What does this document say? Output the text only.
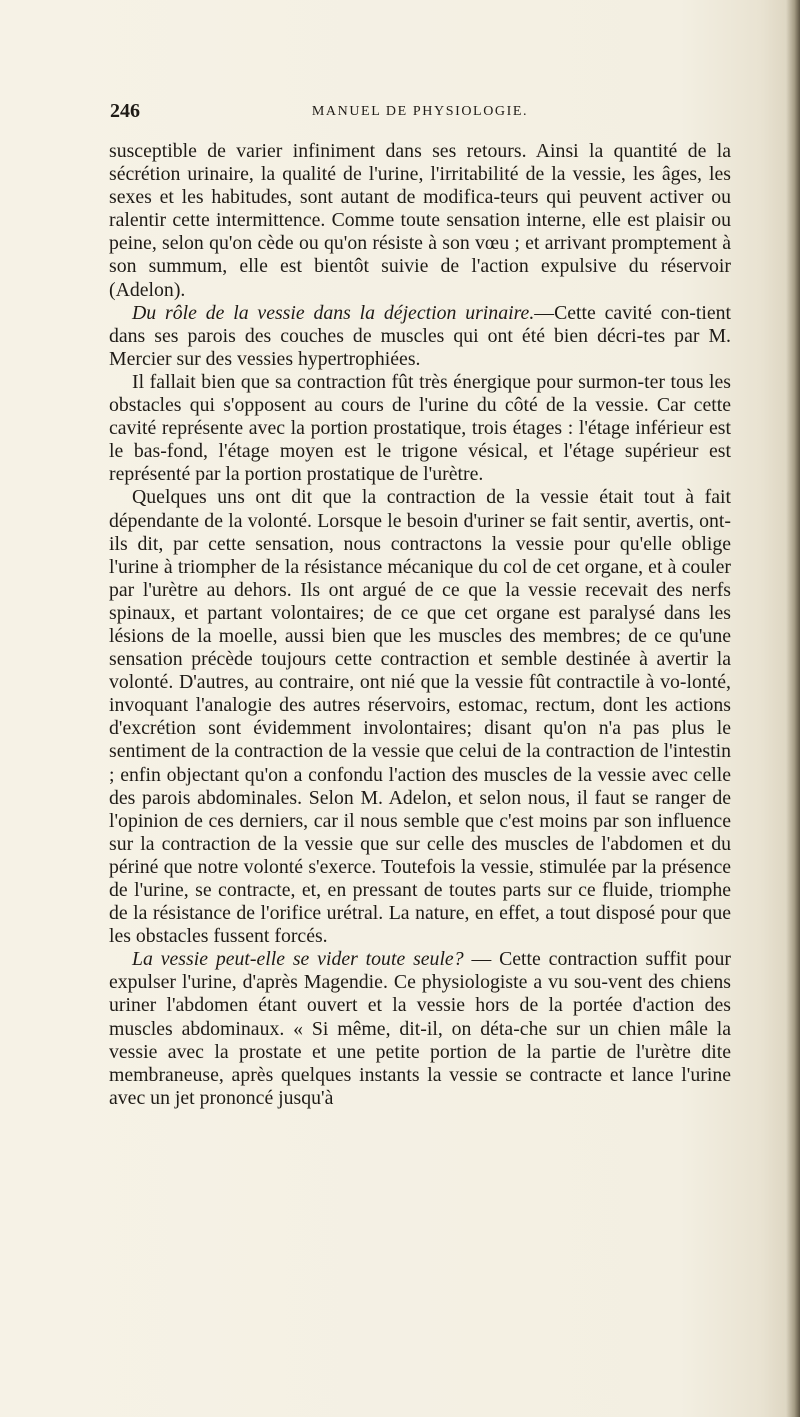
246	MANUEL DE PHYSIOLOGIE.

susceptible de varier infiniment dans ses retours. Ainsi la quantité de la sécrétion urinaire, la qualité de l'urine, l'irritabilité de la vessie, les âges, les sexes et les habitudes, sont autant de modifica-teurs qui peuvent activer ou ralentir cette intermittence. Comme toute sensation interne, elle est plaisir ou peine, selon qu'on cède ou qu'on résiste à son vœu ; et arrivant promptement à son summum, elle est bientôt suivie de l'action expulsive du réservoir (Adelon).

Du rôle de la vessie dans la déjection urinaire.—Cette cavité con-tient dans ses parois des couches de muscles qui ont été bien décri-tes par M. Mercier sur des vessies hypertrophiées.

Il fallait bien que sa contraction fût très énergique pour surmon-ter tous les obstacles qui s'opposent au cours de l'urine du côté de la vessie. Car cette cavité représente avec la portion prostatique, trois étages : l'étage inférieur est le bas-fond, l'étage moyen est le trigone vésical, et l'étage supérieur est représenté par la portion prostatique de l'urètre.

Quelques uns ont dit que la contraction de la vessie était tout à fait dépendante de la volonté. Lorsque le besoin d'uriner se fait sentir, avertis, ont-ils dit, par cette sensation, nous contractons la vessie pour qu'elle oblige l'urine à triompher de la résistance mécanique du col de cet organe, et à couler par l'urètre au dehors. Ils ont argué de ce que la vessie recevait des nerfs spinaux, et partant volontaires; de ce que cet organe est paralysé dans les lésions de la moelle, aussi bien que les muscles des membres; de ce qu'une sensation précède toujours cette contraction et semble destinée à avertir la volonté. D'autres, au contraire, ont nié que la vessie fût contractile à vo-lonté, invoquant l'analogie des autres réservoirs, estomac, rectum, dont les actions d'excrétion sont évidemment involontaires; disant qu'on n'a pas plus le sentiment de la contraction de la vessie que celui de la contraction de l'intestin ; enfin objectant qu'on a confondu l'action des muscles de la vessie avec celle des parois abdominales. Selon M. Adelon, et selon nous, il faut se ranger de l'opinion de ces derniers, car il nous semble que c'est moins par son influence sur la contraction de la vessie que sur celle des muscles de l'abdomen et du périné que notre volonté s'exerce. Toutefois la vessie, stimulée par la présence de l'urine, se contracte, et, en pressant de toutes parts sur ce fluide, triomphe de la résistance de l'orifice urétral. La nature, en effet, a tout disposé pour que les obstacles fussent forcés.

La vessie peut-elle se vider toute seule? — Cette contraction suffit pour expulser l'urine, d'après Magendie. Ce physiologiste a vu sou-vent des chiens uriner l'abdomen étant ouvert et la vessie hors de la portée d'action des muscles abdominaux. « Si même, dit-il, on déta-che sur un chien mâle la vessie avec la prostate et une petite portion de la partie de l'urètre dite membraneuse, après quelques instants la vessie se contracte et lance l'urine avec un jet prononcé jusqu'à
